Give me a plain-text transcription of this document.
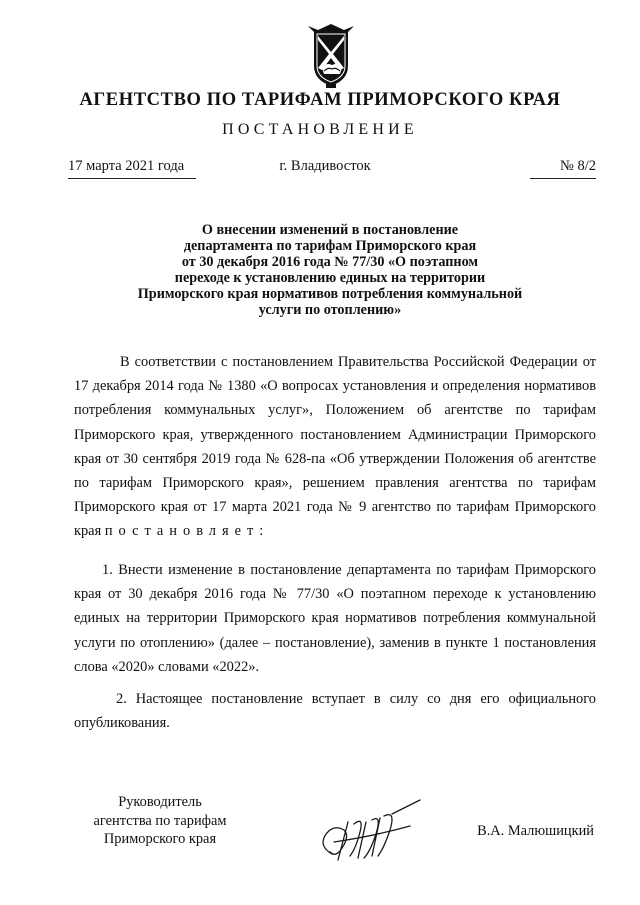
АГЕНТСТВО ПО ТАРИФАМ ПРИМОРСКОГО КРАЯ
ПОСТАНОВЛЕНИЕ
17 марта 2021 года	г. Владивосток	№ 8/2
О внесении изменений в постановление
департамента по тарифам Приморского края
от 30 декабря 2016 года № 77/30 «О поэтапном
переходе к установлению единых на территории
Приморского края нормативов потребления коммунальной
услуги по отоплению»
В соответствии с постановлением Правительства Российской Федерации от 17 декабря 2014 года № 1380 «О вопросах установления и определения нормативов потребления коммунальных услуг», Положением об агентстве по тарифам Приморского края, утвержденного постановлением Администрации Приморского края от 30 сентября 2019 года № 628-па «Об утверждении Положения об агентстве по тарифам Приморского края», решением правления агентства по тарифам Приморского края от 17 марта 2021 года № 9 агентство по тарифам Приморского края постановляет:
1. Внести изменение в постановление департамента по тарифам Приморского края от 30 декабря 2016 года № 77/30 «О поэтапном переходе к установлению единых на территории Приморского края нормативов потребления коммунальной услуги по отоплению» (далее – постановление), заменив в пункте 1 постановления слова «2020» словами «2022».
2. Настоящее постановление вступает в силу со дня его официального опубликования.
Руководитель
агентства по тарифам
Приморского края	В.А. Малюшицкий
